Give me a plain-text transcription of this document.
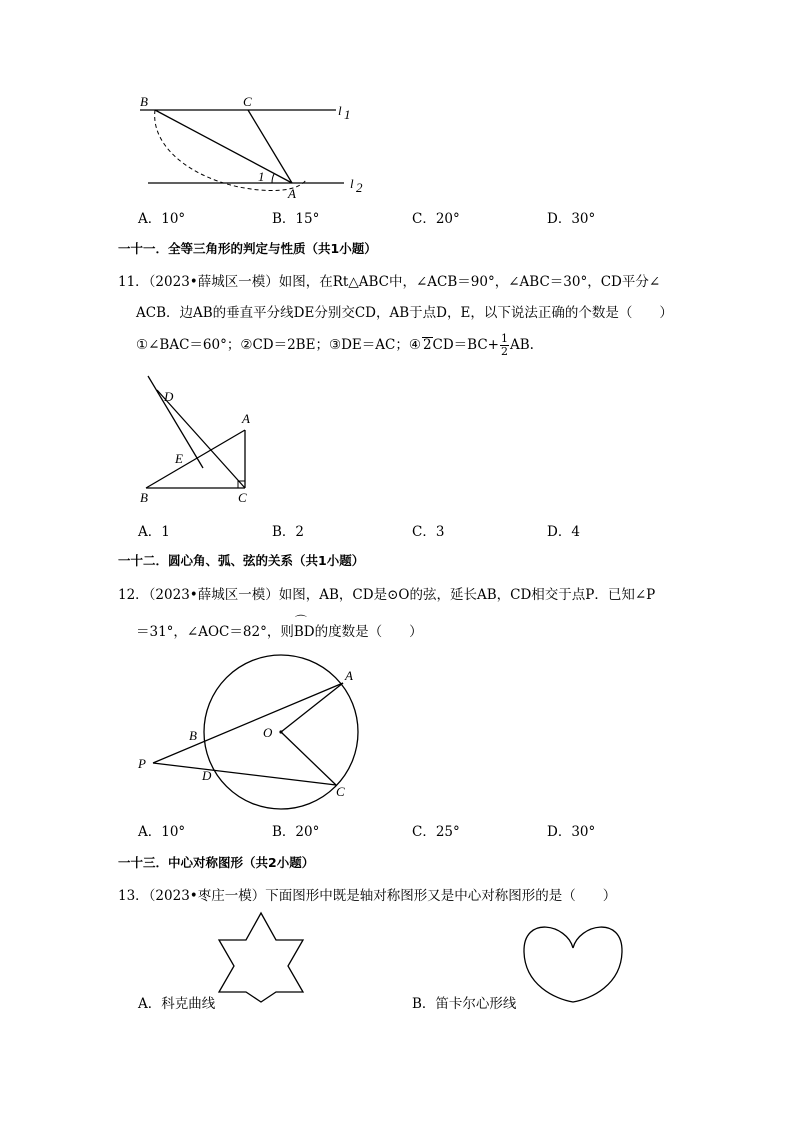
B	C
A
1
l 1
l 2
A．10°	B．15°	C．20°	D．30°
一十一．全等三角形的判定与性质（共1小题）
11．（2023•薛城区一模）如图，在Rt△ABC中，∠ACB＝90°，∠ABC＝30°，CD平分∠
ACB．边AB的垂直平分线DE分别交CD，AB于点D，E，以下说法正确的个数是（　　）
①∠BAC＝60°；②CD＝2BE；③DE＝AC；④ $2CD=BC+ \frac{1}{2}$ AB.
D
A
E
B	C
A．1	B．2	C．3	D．4
一十二．圆心角、弧、弦的关系（共1小题）
12．（2023•薛城区一模）如图，AB，CD是⊙O的弦，延长AB，CD相交于点P．已知∠P
＝31°，∠AOC＝82°，则⌒ BD的度数是（　　）
A
B	O
P
D
C
A．10°	B．20°	C．25°	D．30°
一十三．中心对称图形（共2小题）
13．（2023•枣庄一模）下面图形中既是轴对称图形又是中心对称图形的是（　　）
A．科克曲线	B．笛卡尔心形线
